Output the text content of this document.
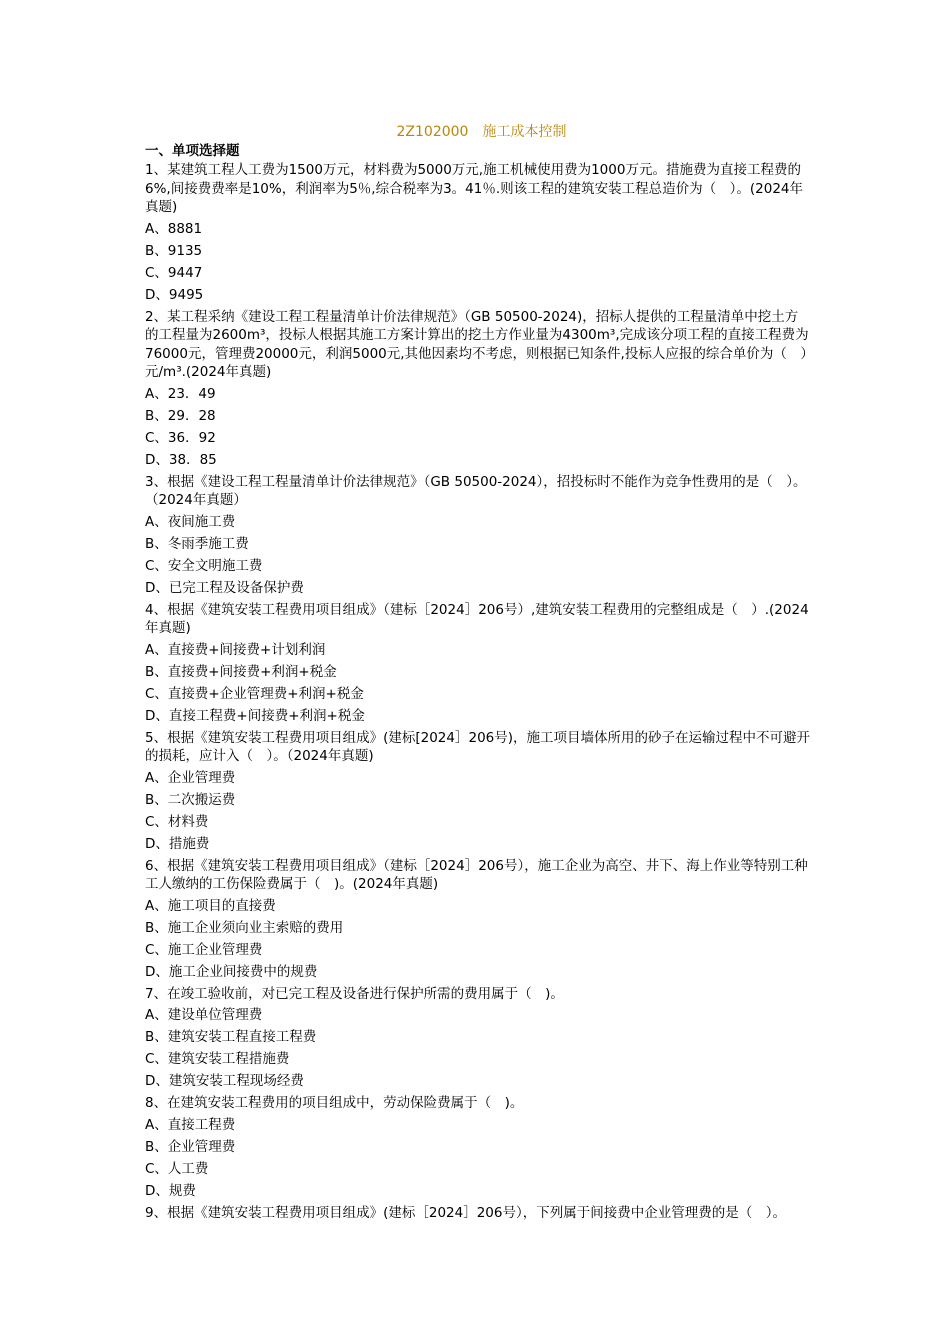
2Z102000　施工成本控制
一、单项选择题
1、某建筑工程人工费为1500万元，材料费为5000万元,施工机械使用费为1000万元。措施费为直接工程费的6%,间接费费率是10%，利润率为5％,综合税率为3。41％.则该工程的建筑安装工程总造价为（　）。(2024年真题)
A、8881
B、9135
C、9447
D、9495
2、某工程采纳《建设工程工程量清单计价法律规范》（GB 50500-2024)，招标人提供的工程量清单中挖土方的工程量为2600m³，投标人根据其施工方案计算出的挖土方作业量为4300m³,完成该分项工程的直接工程费为76000元，管理费20000元，利润5000元,其他因素均不考虑，则根据已知条件,投标人应报的综合单价为（　）元/m³.(2024年真题)
A、23．49
B、29．28
C、36．92
D、38．85
3、根据《建设工程工程量清单计价法律规范》（GB 50500-2024），招投标时不能作为竞争性费用的是（　）。（2024年真题）
A、夜间施工费
B、冬雨季施工费
C、安全文明施工费
D、已完工程及设备保护费
4、根据《建筑安装工程费用项目组成》（建标［2024］206号）,建筑安装工程费用的完整组成是（　）.(2024年真题)
A、直接费+间接费+计划利润
B、直接费+间接费+利润+税金
C、直接费+企业管理费+利润+税金
D、直接工程费+间接费+利润+税金
5、根据《建筑安装工程费用项目组成》(建标[2024］206号)，施工项目墙体所用的砂子在运输过程中不可避开的损耗，应计入（　）。（2024年真题)
A、企业管理费
B、二次搬运费
C、材料费
D、措施费
6、根据《建筑安装工程费用项目组成》（建标［2024］206号），施工企业为高空、井下、海上作业等特别工种工人缴纳的工伤保险费属于（　)。(2024年真题)
A、施工项目的直接费
B、施工企业须向业主索赔的费用
C、施工企业管理费
D、施工企业间接费中的规费
7、在竣工验收前，对已完工程及设备进行保护所需的费用属于（　)。
A、建设单位管理费
B、建筑安装工程直接工程费
C、建筑安装工程措施费
D、建筑安装工程现场经费
8、在建筑安装工程费用的项目组成中，劳动保险费属于（　)。
A、直接工程费
B、企业管理费
C、人工费
D、规费
9、根据《建筑安装工程费用项目组成》(建标［2024］206号），下列属于间接费中企业管理费的是（　）。
